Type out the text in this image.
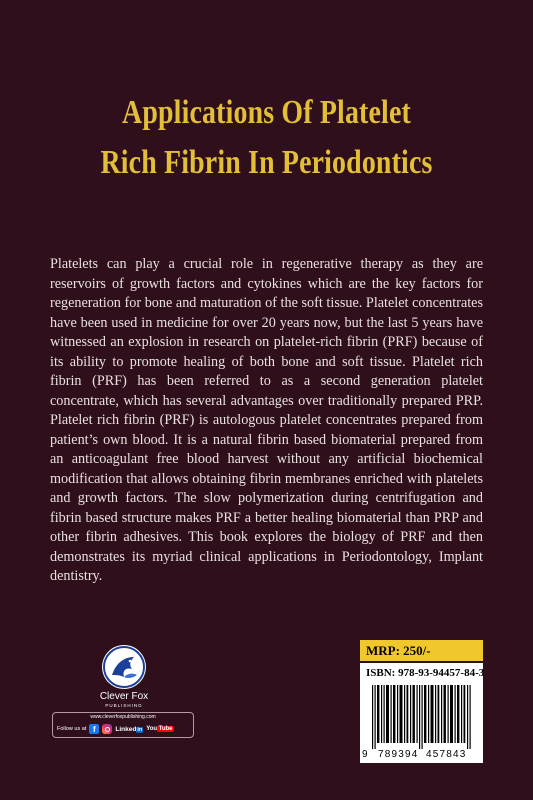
Applications Of Platelet
Rich Fibrin In Periodontics

Platelets can play a crucial role in regenerative therapy as they are reservoirs of growth factors and cytokines which are the key factors for regeneration for bone and maturation of the soft tissue. Platelet concentrates have been used in medicine for over 20 years now, but the last 5 years have witnessed an explosion in research on platelet-rich fibrin (PRF) because of its ability to promote healing of both bone and soft tissue. Platelet rich fibrin (PRF) has been referred to as a second generation platelet concentrate, which has several advantages over traditionally prepared PRP. Platelet rich fibrin (PRF) is autologous platelet concentrates prepared from patient’s own blood. It is a natural fibrin based biomaterial prepared from an anticoagulant free blood harvest without any artificial biochemical modification that allows obtaining fibrin membranes enriched with platelets and growth factors. The slow polymerization during centrifugation and fibrin based structure makes PRF a better healing biomaterial than PRP and other fibrin adhesives. This book explores the biology of PRF and then demonstrates its myriad clinical applications in Periodontology, Implant dentistry.

Clever Fox
PUBLISHING
www.cleverfoxpublishing.com
Follow us at f	Linkedin You Tube
MRP: 250/-
ISBN: 978-93-94457-84-3
9 789394 457843
